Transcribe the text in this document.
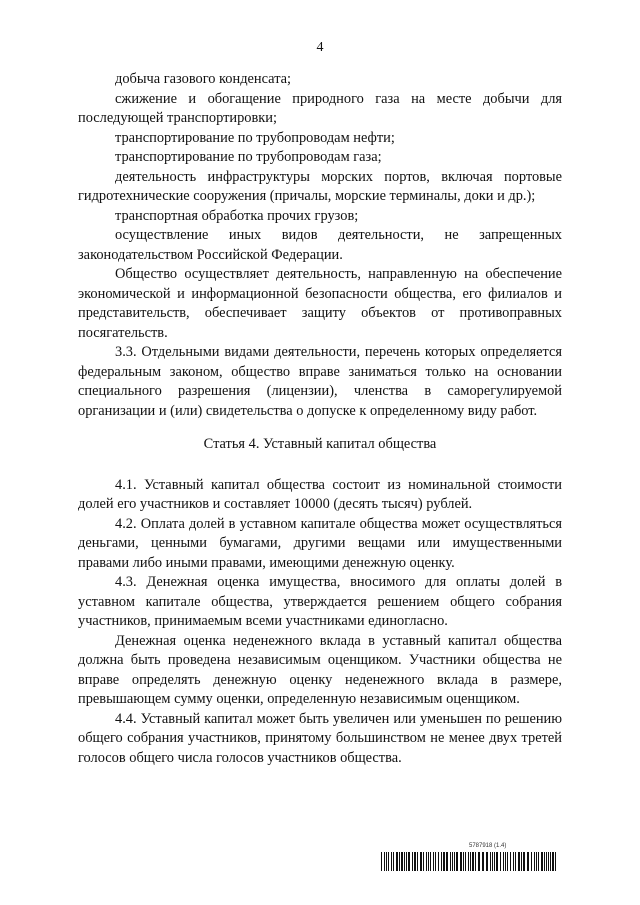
4

добыча газового конденсата;

сжижение и обогащение природного газа на месте добычи для последующей транспортировки;

транспортирование по трубопроводам нефти;

транспортирование по трубопроводам газа;

деятельность инфраструктуры морских портов, включая портовые гидротехнические сооружения (причалы, морские терминалы, доки и др.);

транспортная обработка прочих грузов;

осуществление иных видов деятельности, не запрещенных законодательством Российской Федерации.

Общество осуществляет деятельность, направленную на обеспечение экономической и информационной безопасности общества, его филиалов и представительств, обеспечивает защиту объектов от противоправных посягательств.

3.3. Отдельными видами деятельности, перечень которых определяется федеральным законом, общество вправе заниматься только на основании специального разрешения (лицензии), членства в саморегулируемой организации и (или) свидетельства о допуске к определенному виду работ.

Статья 4. Уставный капитал общества

4.1. Уставный капитал общества состоит из номинальной стоимости долей его участников и составляет 10000 (десять тысяч) рублей.

4.2. Оплата долей в уставном капитале общества может осуществляться деньгами, ценными бумагами, другими вещами или имущественными правами либо иными правами, имеющими денежную оценку.

4.3. Денежная оценка имущества, вносимого для оплаты долей в уставном капитале общества, утверждается решением общего собрания участников, принимаемым всеми участниками единогласно.

Денежная оценка неденежного вклада в уставный капитал общества должна быть проведена независимым оценщиком. Участники общества не вправе определять денежную оценку неденежного вклада в размере, превышающем сумму оценки, определенную независимым оценщиком.

4.4. Уставный капитал может быть увеличен или уменьшен по решению общего собрания участников, принятому большинством не менее двух третей голосов общего числа голосов участников общества.

5787918 (1.4)
